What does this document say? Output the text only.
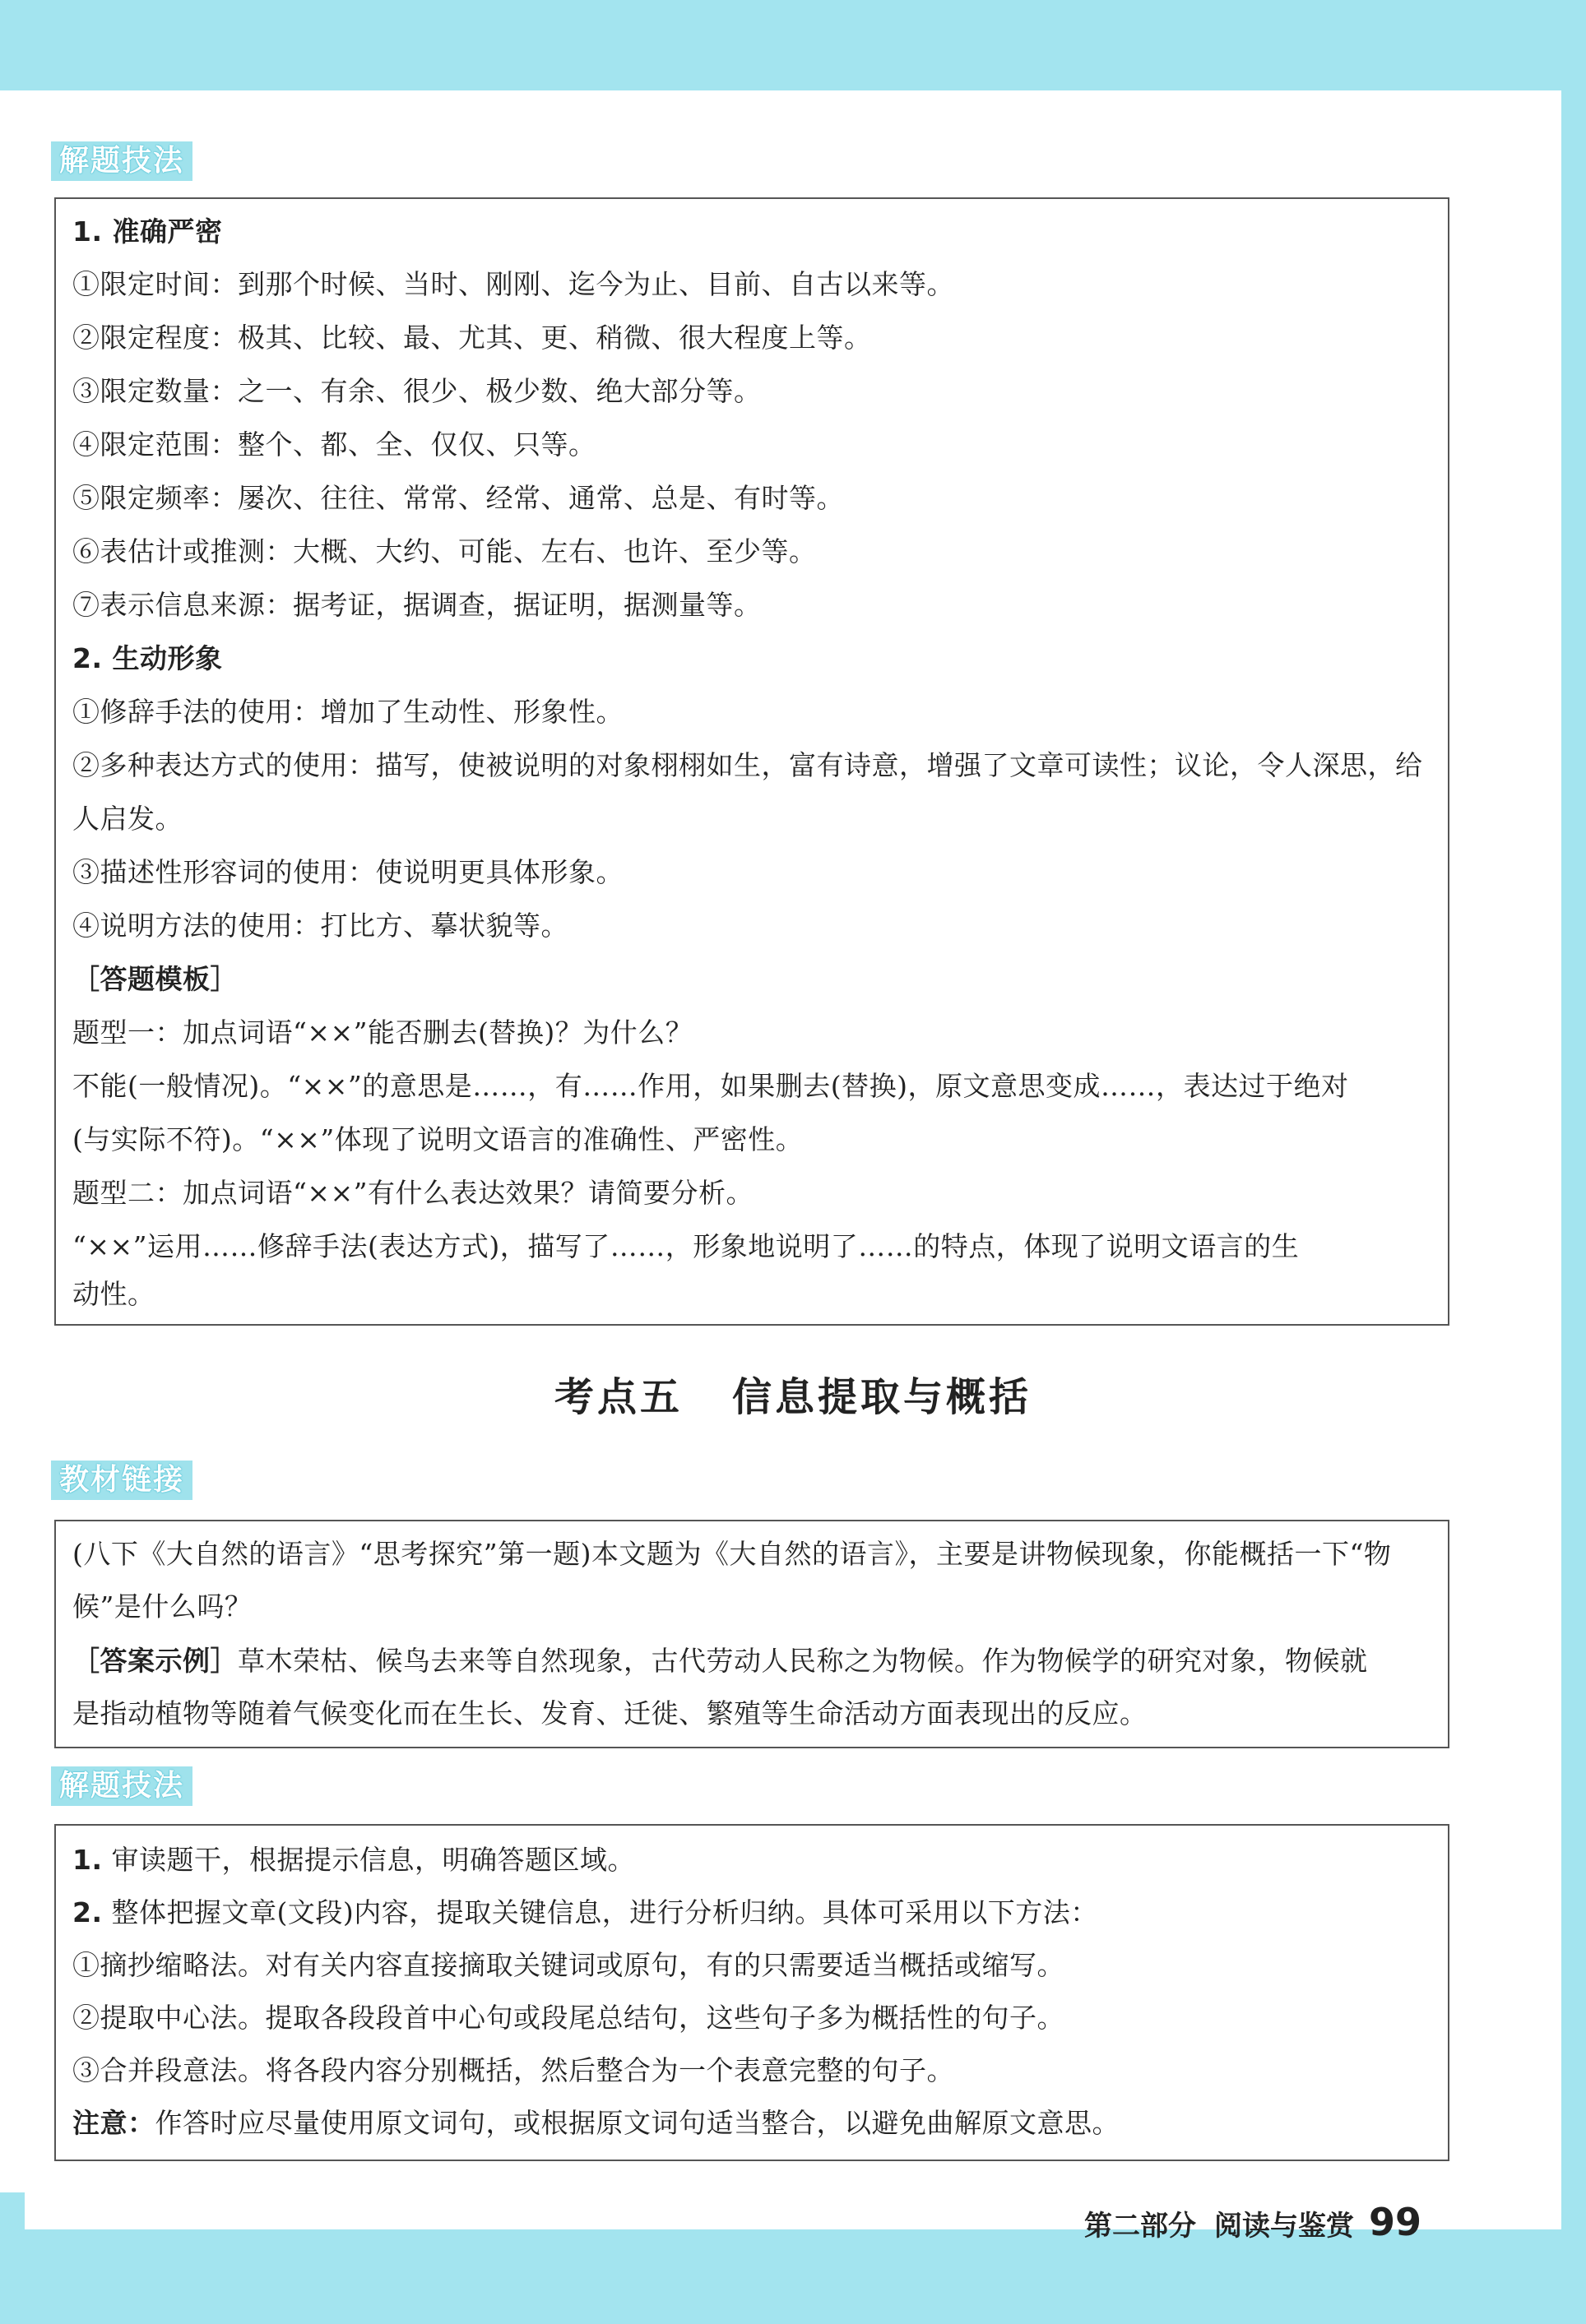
解题技法
1. 准确严密
①限定时间：到那个时候、当时、刚刚、迄今为止、目前、自古以来等。
②限定程度：极其、比较、最、尤其、更、稍微、很大程度上等。
③限定数量：之一、有余、很少、极少数、绝大部分等。
④限定范围：整个、都、全、仅仅、只等。
⑤限定频率：屡次、往往、常常、经常、通常、总是、有时等。
⑥表估计或推测：大概、大约、可能、左右、也许、至少等。
⑦表示信息来源：据考证，据调查，据证明，据测量等。
2. 生动形象
①修辞手法的使用：增加了生动性、形象性。
②多种表达方式的使用：描写，使被说明的对象栩栩如生，富有诗意，增强了文章可读性；议论，令人深思，给
人启发。
③描述性形容词的使用：使说明更具体形象。
④说明方法的使用：打比方、摹状貌等。
［答题模板］
题型一：加点词语“××”能否删去(替换)？为什么？
不能(一般情况)。“××”的意思是……，有……作用，如果删去(替换)，原文意思变成……，表达过于绝对
(与实际不符)。“××”体现了说明文语言的准确性、严密性。
题型二：加点词语“××”有什么表达效果？请简要分析。
“××”运用……修辞手法(表达方式)，描写了……，形象地说明了……的特点，体现了说明文语言的生
动性。
考点五 信息提取与概括
教材链接
(八下《大自然的语言》“思考探究”第一题)本文题为《大自然的语言》，主要是讲物候现象，你能概括一下“物
候”是什么吗？
［答案示例］草木荣枯、候鸟去来等自然现象，古代劳动人民称之为物候。作为物候学的研究对象，物候就
是指动植物等随着气候变化而在生长、发育、迁徙、繁殖等生命活动方面表现出的反应。
解题技法
1. 审读题干，根据提示信息，明确答题区域。
2. 整体把握文章(文段)内容，提取关键信息，进行分析归纳。具体可采用以下方法：
①摘抄缩略法。对有关内容直接摘取关键词或原句，有的只需要适当概括或缩写。
②提取中心法。提取各段段首中心句或段尾总结句，这些句子多为概括性的句子。
③合并段意法。将各段内容分别概括，然后整合为一个表意完整的句子。
注意：作答时应尽量使用原文词句，或根据原文词句适当整合，以避免曲解原文意思。
第二部分 阅读与鉴赏 99
